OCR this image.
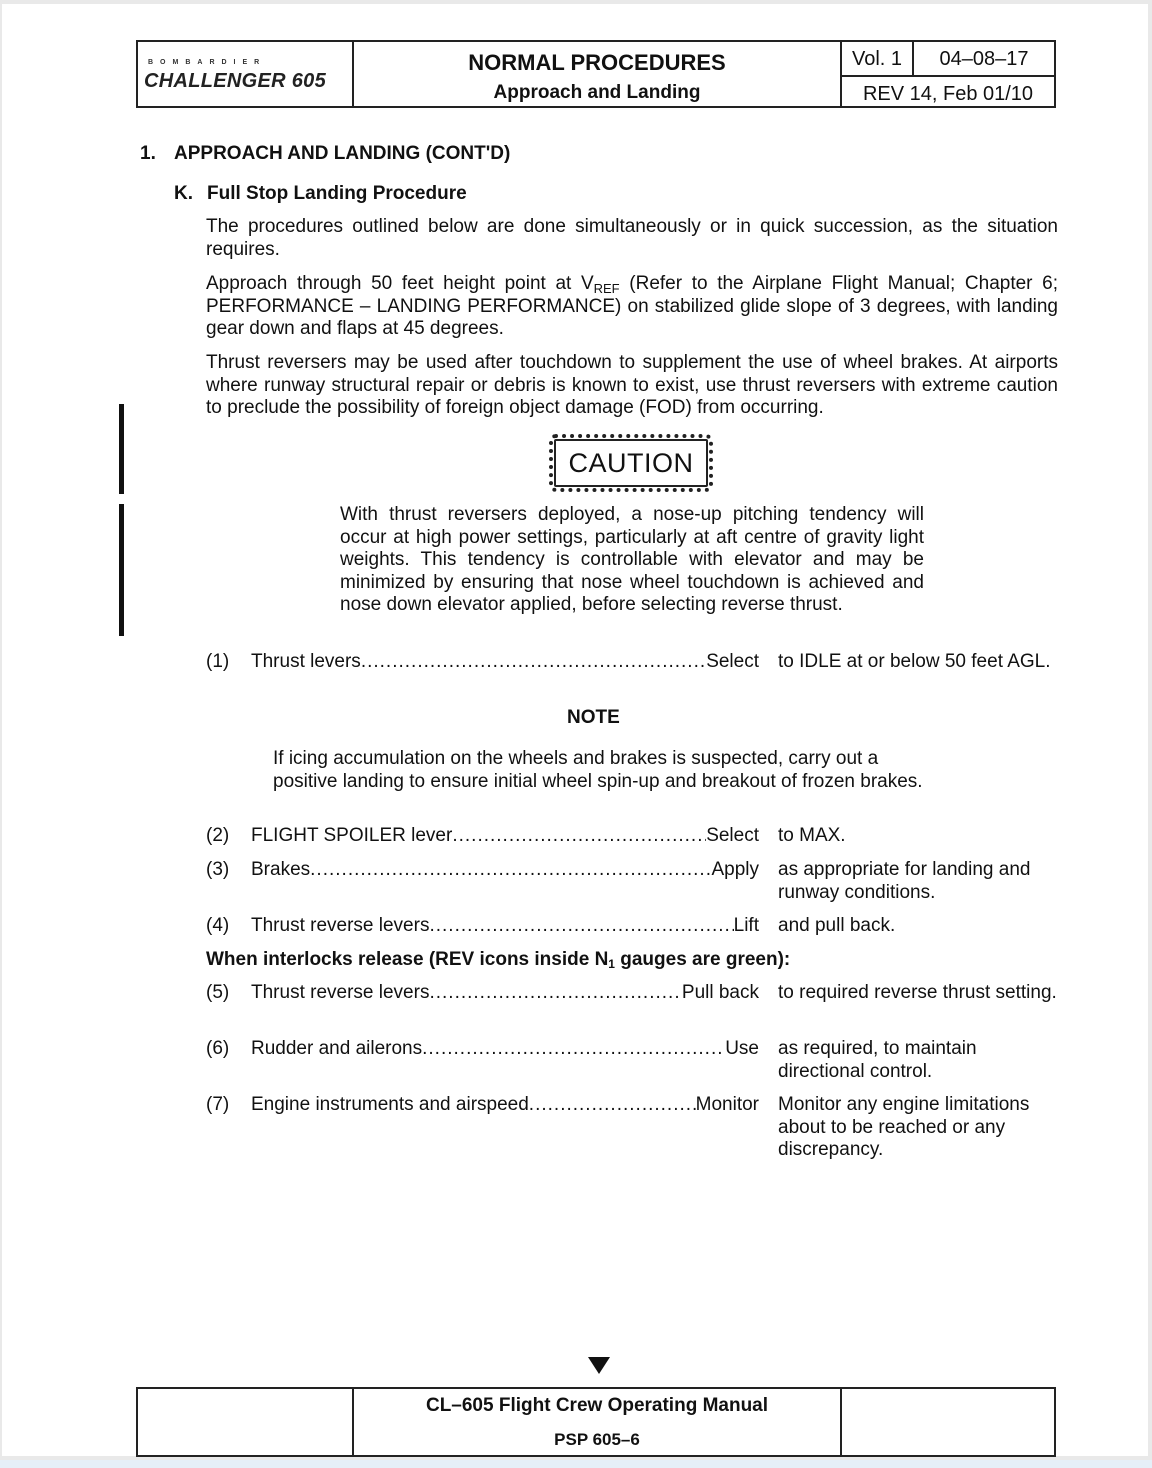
BOMBARDIER
CHALLENGER 605
NORMAL PROCEDURES
Approach and Landing
Vol. 1	04–08–17
REV 14, Feb 01/10
1. APPROACH AND LANDING (CONT'D)
K. Full Stop Landing Procedure
The procedures outlined below are done simultaneously or in quick succession, as the situation requires.
Approach through 50 feet height point at $V_{REF}$ (Refer to the Airplane Flight Manual; Chapter 6; PERFORMANCE – LANDING PERFORMANCE) on stabilized glide slope of 3 degrees, with landing gear down and flaps at 45 degrees.
Thrust reversers may be used after touchdown to supplement the use of wheel brakes. At airports where runway structural repair or debris is known to exist, use thrust reversers with extreme caution to preclude the possibility of foreign object damage (FOD) from occurring.
CAUTION
With thrust reversers deployed, a nose-up pitching tendency will occur at high power settings, particularly at aft centre of gravity light weights. This tendency is controllable with elevator and may be minimized by ensuring that nose wheel touchdown is achieved and nose down elevator applied, before selecting reverse thrust.
(1)	Thrust levers .....	Select to IDLE at or below 50 feet AGL.
NOTE
If icing accumulation on the wheels and brakes is suspected, carry out a positive landing to ensure initial wheel spin-up and breakout of frozen brakes.
(2)	FLIGHT SPOILER lever .....	Select to MAX.
(3)	Brakes .....	Apply as appropriate for landing and runway conditions.
(4)	Thrust reverse levers .....	Lift and pull back.
When interlocks release (REV icons inside $N_1$ gauges are green):
(5)	Thrust reverse levers .....	Pull back to required reverse thrust setting.
(6)	Rudder and ailerons .....	Use as required, to maintain directional control.
(7)	Engine instruments and airspeed .....	Monitor Monitor any engine limitations about to be reached or any discrepancy.
CL–605 Flight Crew Operating Manual
PSP 605–6
